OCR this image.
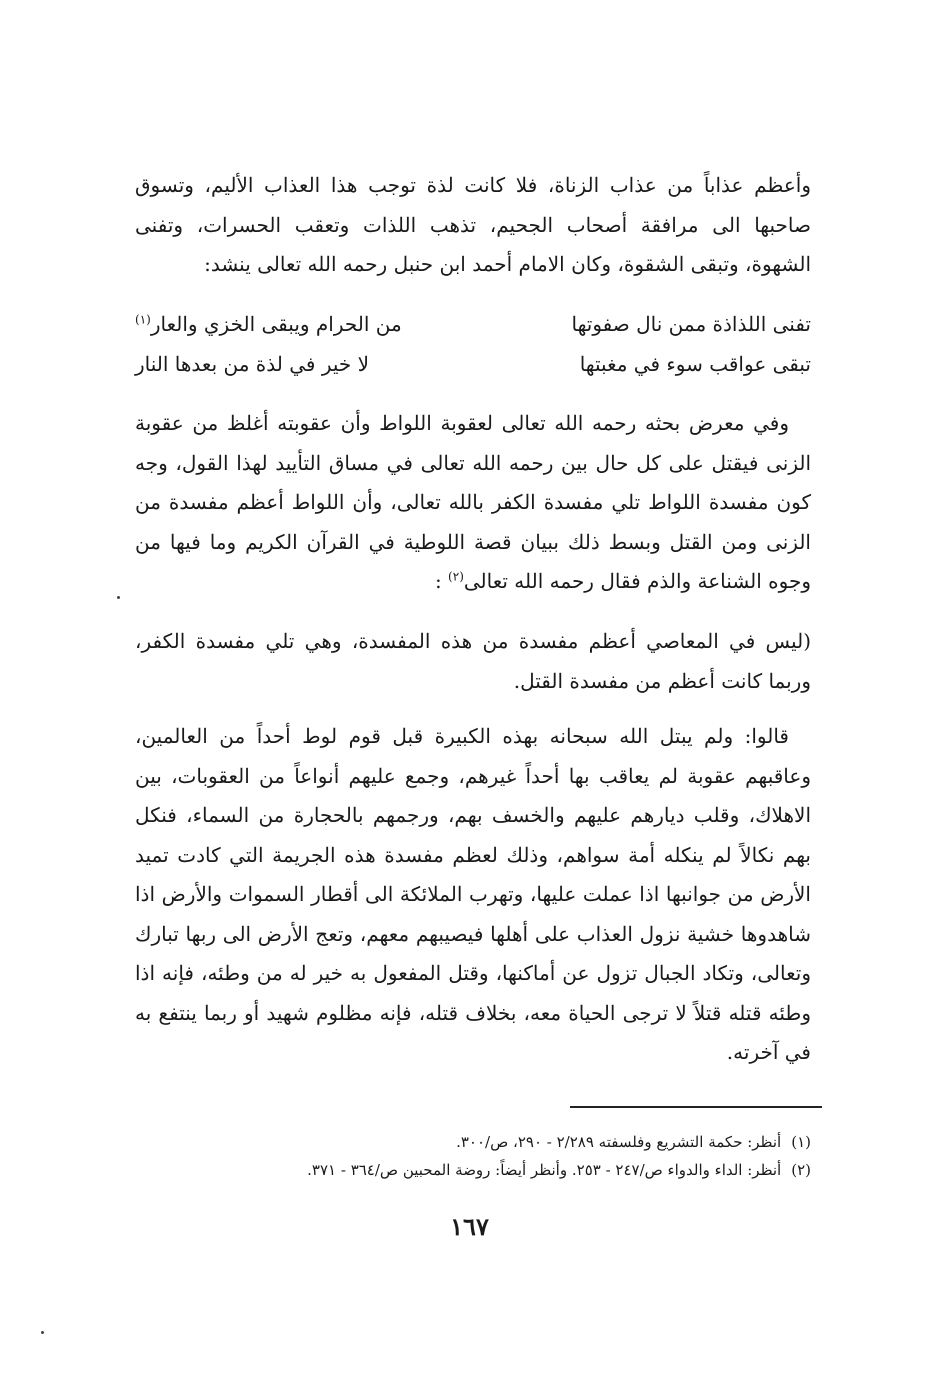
وأعظم عذاباً من عذاب الزناة، فلا كانت لذة توجب هذا العذاب الأليم، وتسوق صاحبها الى مرافقة أصحاب الجحيم، تذهب اللذات وتعقب الحسرات، وتفنى الشهوة، وتبقى الشقوة، وكان الامام أحمد ابن حنبل رحمه الله تعالى ينشد:

تفنى اللذاذة ممن نال صفوتها
من الحرام ويبقى الخزي والعار$^{(١)}$
تبقى عواقب سوء في مغبتها
لا خير في لذة من بعدها النار

وفي معرض بحثه رحمه الله تعالى لعقوبة اللواط وأن عقوبته أغلظ من عقوبة الزنى فيقتل على كل حال بين رحمه الله تعالى في مساق التأييد لهذا القول، وجه كون مفسدة اللواط تلي مفسدة الكفر بالله تعالى، وأن اللواط أعظم مفسدة من الزنى ومن القتل وبسط ذلك ببيان قصة اللوطية في القرآن الكريم وما فيها من وجوه الشناعة والذم فقال رحمه الله تعالى$^{(٢)}$ :

(ليس في المعاصي أعظم مفسدة من هذه المفسدة، وهي تلي مفسدة الكفر، وربما كانت أعظم من مفسدة القتل.

قالوا: ولم يبتل الله سبحانه بهذه الكبيرة قبل قوم لوط أحداً من العالمين، وعاقبهم عقوبة لم يعاقب بها أحداً غيرهم، وجمع عليهم أنواعاً من العقوبات، بين الاهلاك، وقلب ديارهم عليهم والخسف بهم، ورجمهم بالحجارة من السماء، فنكل بهم نكالاً لم ينكله أمة سواهم، وذلك لعظم مفسدة هذه الجريمة التي كادت تميد الأرض من جوانبها اذا عملت عليها، وتهرب الملائكة الى أقطار السموات والأرض اذا شاهدوها خشية نزول العذاب على أهلها فيصيبهم معهم، وتعج الأرض الى ربها تبارك وتعالى، وتكاد الجبال تزول عن أماكنها، وقتل المفعول به خير له من وطئه، فإنه اذا وطئه قتله قتلاً لا ترجى الحياة معه، بخلاف قتله، فإنه مظلوم شهيد أو ربما ينتفع به في آخرته.

(١)أنظر: حكمة التشريع وفلسفته ٢/٢٨٩ - ٢٩٠، ص/٣٠٠.
(٢)أنظر: الداء والدواء ص/٢٤٧ - ٢٥٣. وأنظر أيضاً: روضة المحبين ص/٣٦٤ - ٣٧١.
١٦٧
